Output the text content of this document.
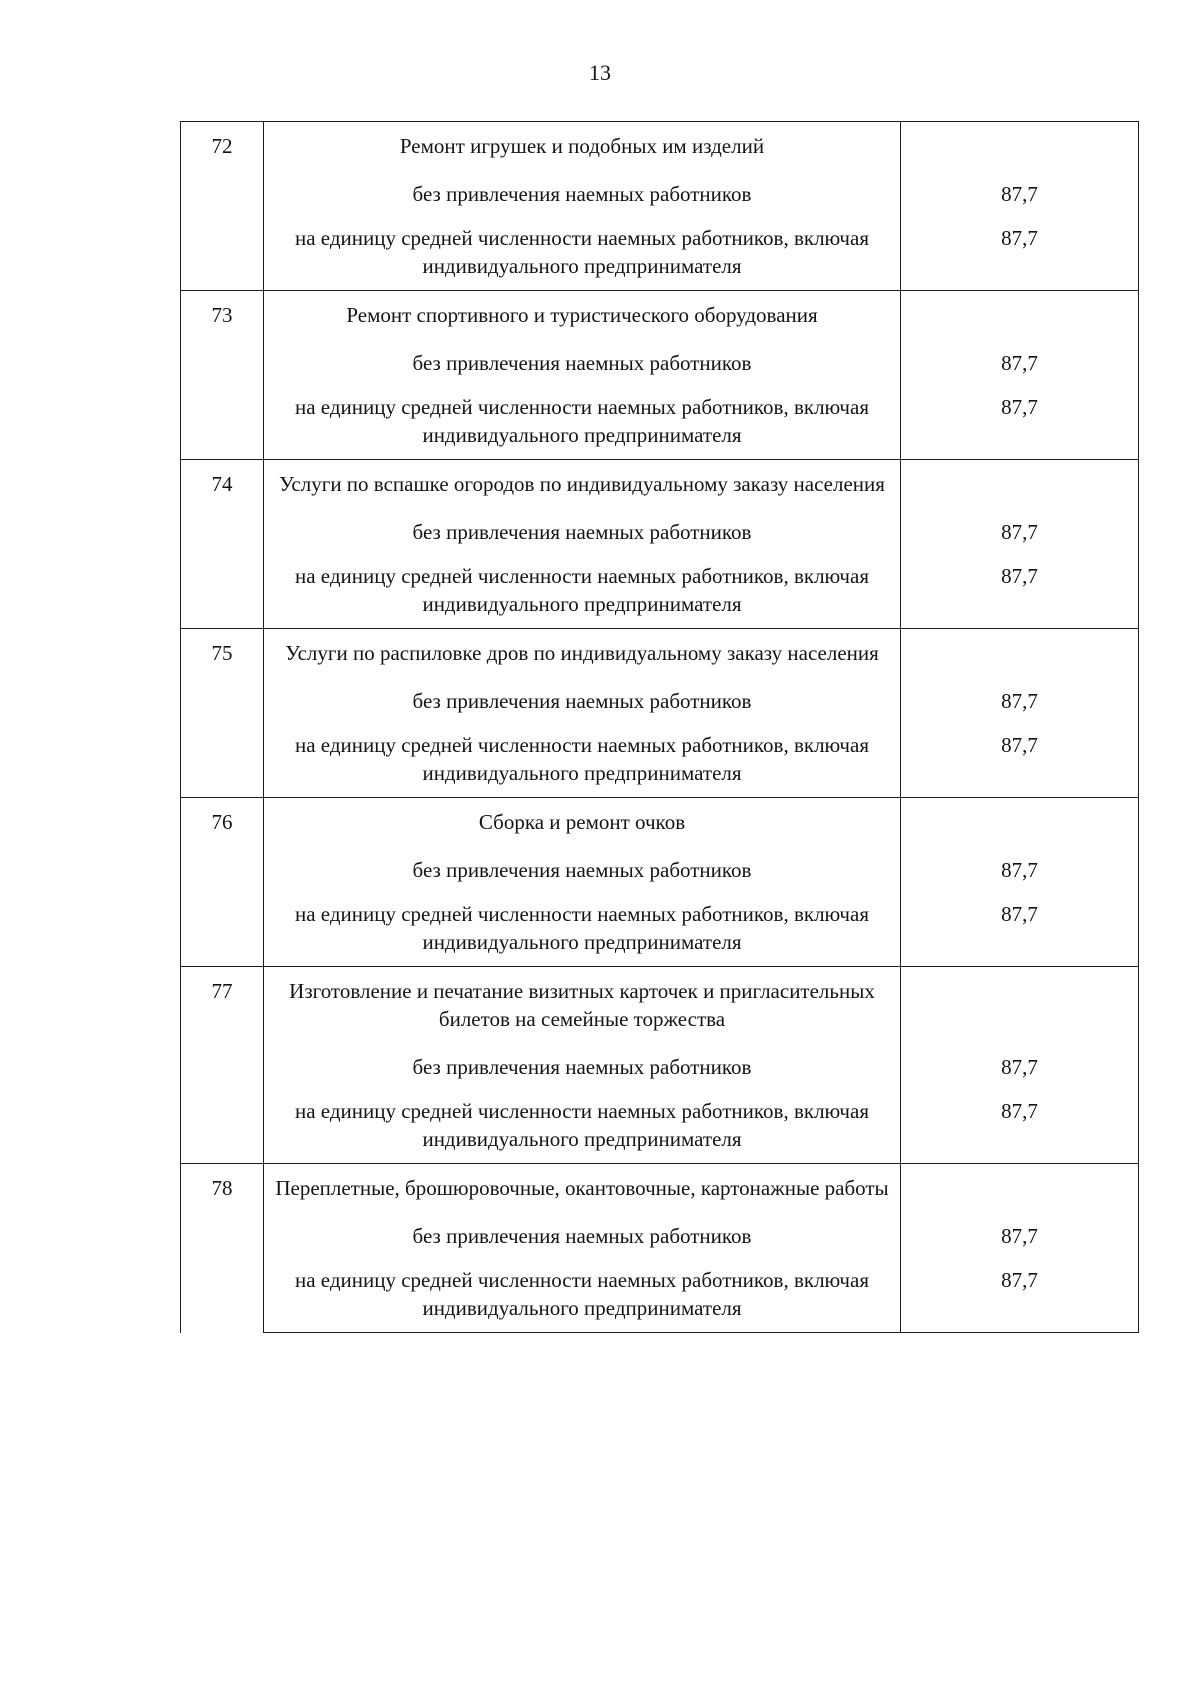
13
72	Ремонт игрушек и подобных им изделий	
	без привлечения наемных работников	87,7
	на единицу средней численности наемных работников, включая индивидуального предпринимателя	87,7
73	Ремонт спортивного и туристического оборудования	
	без привлечения наемных работников	87,7
	на единицу средней численности наемных работников, включая индивидуального предпринимателя	87,7
74	Услуги по вспашке огородов по индивидуальному заказу населения	
	без привлечения наемных работников	87,7
	на единицу средней численности наемных работников, включая индивидуального предпринимателя	87,7
75	Услуги по распиловке дров по индивидуальному заказу населения	
	без привлечения наемных работников	87,7
	на единицу средней численности наемных работников, включая индивидуального предпринимателя	87,7
76	Сборка и ремонт очков	
	без привлечения наемных работников	87,7
	на единицу средней численности наемных работников, включая индивидуального предпринимателя	87,7
77	Изготовление и печатание визитных карточек и пригласительных билетов на семейные торжества	
	без привлечения наемных работников	87,7
	на единицу средней численности наемных работников, включая индивидуального предпринимателя	87,7
78	Переплетные, брошюровочные, окантовочные, картонажные работы	
	без привлечения наемных работников	87,7
	на единицу средней численности наемных работников, включая индивидуального предпринимателя	87,7
